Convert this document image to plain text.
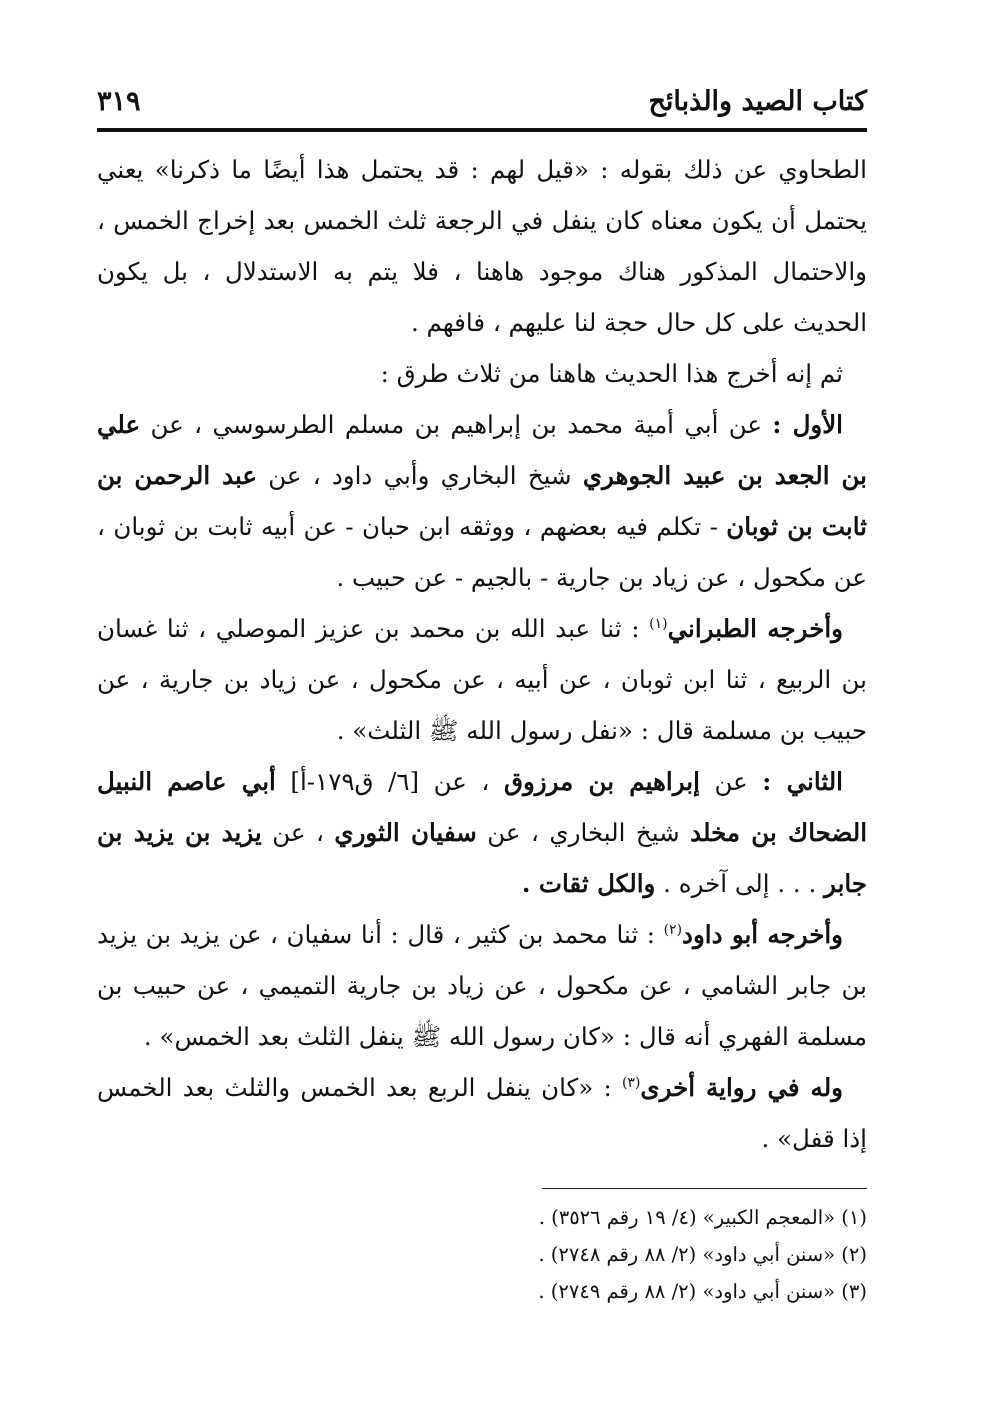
كتاب الصيد والذبائح
٣١٩

الطحاوي عن ذلك بقوله : «قيل لهم : قد يحتمل هذا أيضًا ما ذكرنا» يعني يحتمل أن يكون معناه كان ينفل في الرجعة ثلث الخمس بعد إخراج الخمس ، والاحتمال المذكور هناك موجود هاهنا ، فلا يتم به الاستدلال ، بل يكون الحديث على كل حال حجة لنا عليهم ، فافهم .

ثم إنه أخرج هذا الحديث هاهنا من ثلاث طرق :

الأول : عن أبي أمية محمد بن إبراهيم بن مسلم الطرسوسي ، عن علي بن الجعد بن عبيد الجوهري شيخ البخاري وأبي داود ، عن عبد الرحمن بن ثابت بن ثوبان - تكلم فيه بعضهم ، ووثقه ابن حبان - عن أبيه ثابت بن ثوبان ، عن مكحول ، عن زياد بن جارية - بالجيم - عن حبيب .

وأخرجه الطبراني$^{(١)}$ : ثنا عبد الله بن محمد بن عزيز الموصلي ، ثنا غسان بن الربيع ، ثنا ابن ثوبان ، عن أبيه ، عن مكحول ، عن زياد بن جارية ، عن حبيب بن مسلمة قال : «نفل رسول الله ﷺ الثلث» .

الثاني : عن إبراهيم بن مرزوق ، عن [٦/ ق١٧٩-أ] أبي عاصم النبيل الضحاك بن مخلد شيخ البخاري ، عن سفيان الثوري ، عن يزيد بن يزيد بن جابر . . . إلى آخره . والكل ثقات .

وأخرجه أبو داود$^{(٢)}$ : ثنا محمد بن كثير ، قال : أنا سفيان ، عن يزيد بن يزيد بن جابر الشامي ، عن مكحول ، عن زياد بن جارية التميمي ، عن حبيب بن مسلمة الفهري أنه قال : «كان رسول الله ﷺ ينفل الثلث بعد الخمس» .

وله في رواية أخرى$^{(٣)}$ : «كان ينفل الربع بعد الخمس والثلث بعد الخمس إذا قفل» .

(١) «المعجم الكبير» (٤/ ١٩ رقم ٣٥٢٦) .

(٢) «سنن أبي داود» (٢/ ٨٨ رقم ٢٧٤٨) .

(٣) «سنن أبي داود» (٢/ ٨٨ رقم ٢٧٤٩) .
